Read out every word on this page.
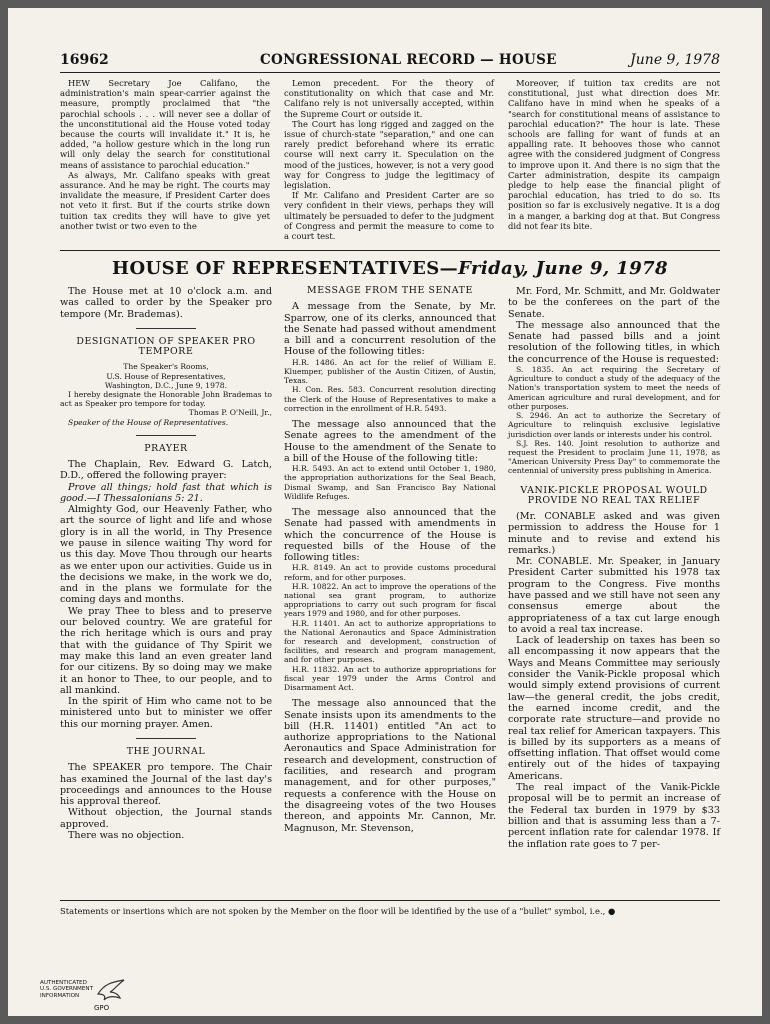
16962	CONGRESSIONAL RECORD — HOUSE	June 9, 1978

HEW Secretary Joe Califano, the administration's main spear-carrier against the measure, promptly proclaimed that "the parochial schools . . . will never see a dollar of the unconstitutional aid the House voted today because the courts will invalidate it." It is, he added, "a hollow gesture which in the long run will only delay the search for constitutional means of assistance to parochial education."

As always, Mr. Califano speaks with great assurance. And he may be right. The courts may invalidate the measure, if President Carter does not veto it first. But if the courts strike down tuition tax credits they will have to give yet another twist or two even to the

Lemon precedent. For the theory of constitutionality on which that case and Mr. Califano rely is not universally accepted, within the Supreme Court or outside it.

The Court has long rigged and zagged on the issue of church-state "separation," and one can rarely predict beforehand where its erratic course will next carry it. Speculation on the mood of the justices, however, is not a very good way for Congress to judge the legitimacy of legislation.

If Mr. Califano and President Carter are so very confident in their views, perhaps they will ultimately be persuaded to defer to the judgment of Congress and permit the measure to come to a court test.

Moreover, if tuition tax credits are not constitutional, just what direction does Mr. Califano have in mind when he speaks of a "search for constitutional means of assistance to parochial education?" The hour is late. These schools are falling for want of funds at an appalling rate. It behooves those who cannot agree with the considered judgment of Congress to improve upon it. And there is no sign that the Carter administration, despite its campaign pledge to help ease the financial plight of parochial education, has tried to do so. Its position so far is exclusively negative. It is a dog in a manger, a barking dog at that. But Congress did not fear its bite.

HOUSE OF REPRESENTATIVES—Friday, June 9, 1978

The House met at 10 o'clock a.m. and was called to order by the Speaker pro tempore (Mr. Brademas).

DESIGNATION OF SPEAKER PRO TEMPORE

The Speaker's Rooms,

U.S. House of Representatives,

Washington, D.C., June 9, 1978.

I hereby designate the Honorable John Brademas to act as Speaker pro tempore for today.

Thomas P. O'Neill, Jr.,

Speaker of the House of Representatives.

PRAYER

The Chaplain, Rev. Edward G. Latch, D.D., offered the following prayer:

Prove all things; hold fast that which is good.—I Thessalonians 5: 21.

Almighty God, our Heavenly Father, who art the source of light and life and whose glory is in all the world, in Thy Presence we pause in silence waiting Thy word for us this day. Move Thou through our hearts as we enter upon our activities. Guide us in the decisions we make, in the work we do, and in the plans we formulate for the coming days and months.

We pray Thee to bless and to preserve our beloved country. We are grateful for the rich heritage which is ours and pray that with the guidance of Thy Spirit we may make this land an even greater land for our citizens. By so doing may we make it an honor to Thee, to our people, and to all mankind.

In the spirit of Him who came not to be ministered unto but to minister we offer this our morning prayer. Amen.

THE JOURNAL

The SPEAKER pro tempore. The Chair has examined the Journal of the last day's proceedings and announces to the House his approval thereof.

Without objection, the Journal stands approved.

There was no objection.

MESSAGE FROM THE SENATE

A message from the Senate, by Mr. Sparrow, one of its clerks, announced that the Senate had passed without amendment a bill and a concurrent resolution of the House of the following titles:

H.R. 1486. An act for the relief of William E. Kluemper, publisher of the Austin Citizen, of Austin, Texas.

H. Con. Res. 583. Concurrent resolution directing the Clerk of the House of Representatives to make a correction in the enrollment of H.R. 5493.

The message also announced that the Senate agrees to the amendment of the House to the amendment of the Senate to a bill of the House of the following title:

H.R. 5493. An act to extend until October 1, 1980, the appropriation authorizations for the Seal Beach, Dismal Swamp, and San Francisco Bay National Wildlife Refuges.

The message also announced that the Senate had passed with amendments in which the concurrence of the House is requested bills of the House of the following titles:

H.R. 8149. An act to provide customs procedural reform, and for other purposes.

H.R. 10822. An act to improve the operations of the national sea grant program, to authorize appropriations to carry out such program for fiscal years 1979 and 1980, and for other purposes.

H.R. 11401. An act to authorize appropriations to the National Aeronautics and Space Administration for research and development, construction of facilities, and research and program management, and for other purposes.

H.R. 11832. An act to authorize appropriations for fiscal year 1979 under the Arms Control and Disarmament Act.

The message also announced that the Senate insists upon its amendments to the bill (H.R. 11401) entitled "An act to authorize appropriations to the National Aeronautics and Space Administration for research and development, construction of facilities, and research and program management, and for other purposes," requests a conference with the House on the disagreeing votes of the two Houses thereon, and appoints Mr. Cannon, Mr. Magnuson, Mr. Stevenson,

Mr. Ford, Mr. Schmitt, and Mr. Goldwater to be the conferees on the part of the Senate.

The message also announced that the Senate had passed bills and a joint resolution of the following titles, in which the concurrence of the House is requested:

S. 1835. An act requiring the Secretary of Agriculture to conduct a study of the adequacy of the Nation's transportation system to meet the needs of American agriculture and rural development, and for other purposes.

S. 2946. An act to authorize the Secretary of Agriculture to relinquish exclusive legislative jurisdiction over lands or interests under his control.

S.J. Res. 140. Joint resolution to authorize and request the President to proclaim June 11, 1978, as "American University Press Day" to commemorate the centennial of university press publishing in America.

VANIK-PICKLE PROPOSAL WOULD PROVIDE NO REAL TAX RELIEF

(Mr. CONABLE asked and was given permission to address the House for 1 minute and to revise and extend his remarks.)

Mr. CONABLE. Mr. Speaker, in January President Carter submitted his 1978 tax program to the Congress. Five months have passed and we still have not seen any consensus emerge about the appropriateness of a tax cut large enough to avoid a real tax increase.

Lack of leadership on taxes has been so all encompassing it now appears that the Ways and Means Committee may seriously consider the Vanik-Pickle proposal which would simply extend provisions of current law—the general credit, the jobs credit, the earned income credit, and the corporate rate structure—and provide no real tax relief for American taxpayers. This is billed by its supporters as a means of offsetting inflation. That offset would come entirely out of the hides of taxpaying Americans.

The real impact of the Vanik-Pickle proposal will be to permit an increase of the Federal tax burden in 1979 by $33 billion and that is assuming less than a 7-percent inflation rate for calendar 1978. If the inflation rate goes to 7 per-

Statements or insertions which are not spoken by the Member on the floor will be identified by the use of a "bullet" symbol, i.e., ●
AUTHENTICATED
U.S. GOVERNMENT
INFORMATION
GPO
